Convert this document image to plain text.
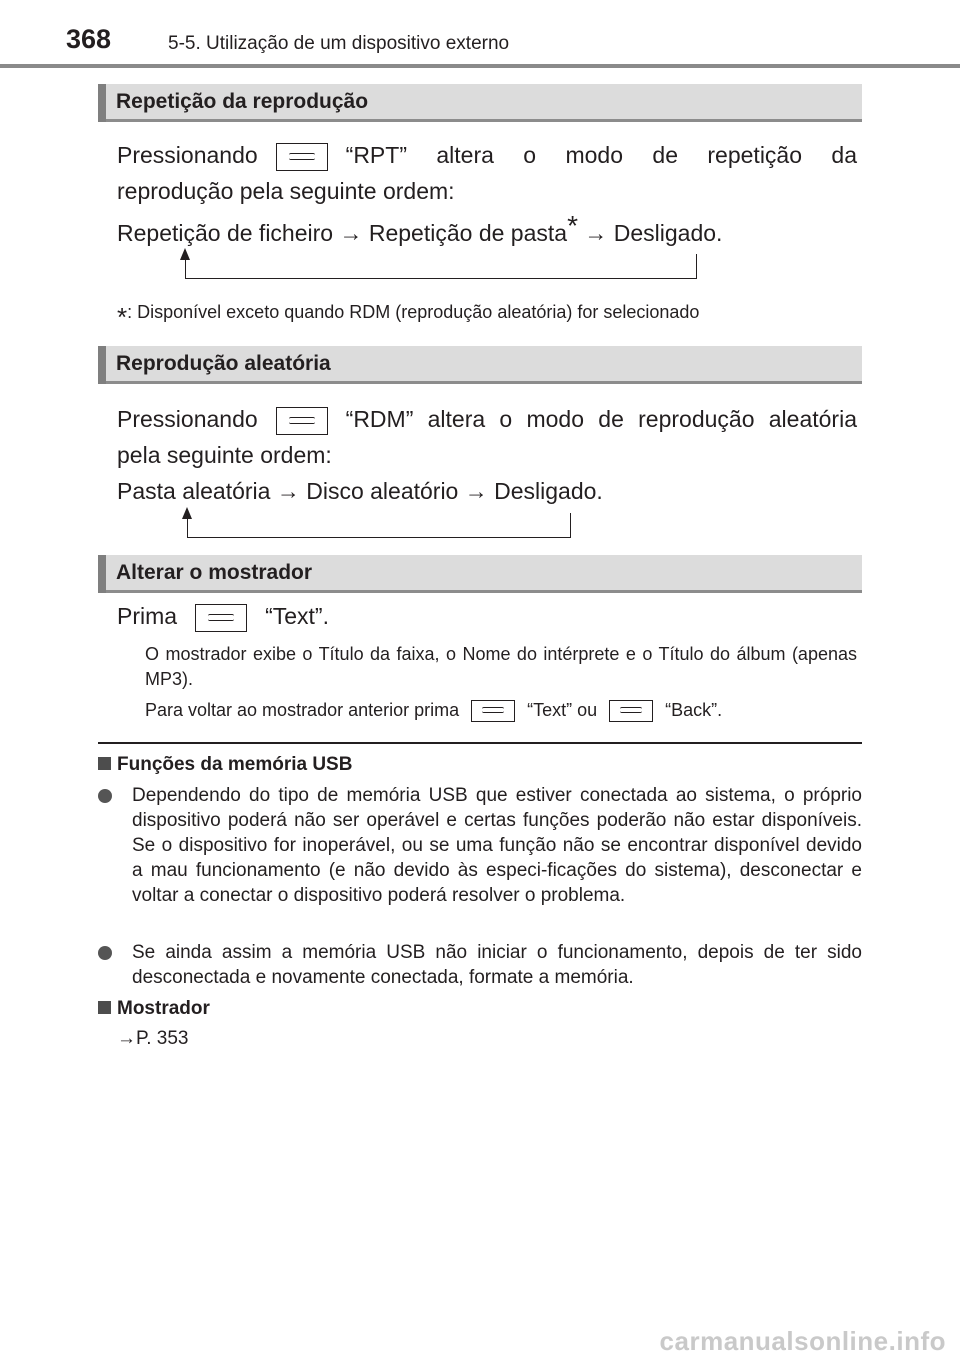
368	5-5. Utilização de um dispositivo externo
Repetição da reprodução
Pressionando	“RPT” altera o modo de repetição da
reprodução pela seguinte ordem:
Repetição de ficheiro → Repetição de pasta* → Desligado.
*: Disponível exceto quando RDM (reprodução aleatória) for selecionado
Reprodução aleatória
Pressionando	“RDM” altera o modo de reprodução aleatória
pela seguinte ordem:
Pasta aleatória → Disco aleatório → Desligado.
Alterar o mostrador
Prima	“Text”.
O mostrador exibe o Título da faixa, o Nome do intérprete e o Título do álbum (apenas MP3).
Para voltar ao mostrador anterior prima	“Text” ou	“Back”.
Funções da memória USB
Dependendo do tipo de memória USB que estiver conectada ao sistema, o próprio dispositivo poderá não ser operável e certas funções poderão não estar disponíveis. Se o dispositivo for inoperável, ou se uma função não se encontrar disponível devido a mau funcionamento (e não devido às especi-ficações do sistema), desconectar e voltar a conectar o dispositivo poderá resolver o problema.
Se ainda assim a memória USB não iniciar o funcionamento, depois de ter sido desconectada e novamente conectada, formate a memória.
Mostrador
→P. 353
carmanualsonline.info
